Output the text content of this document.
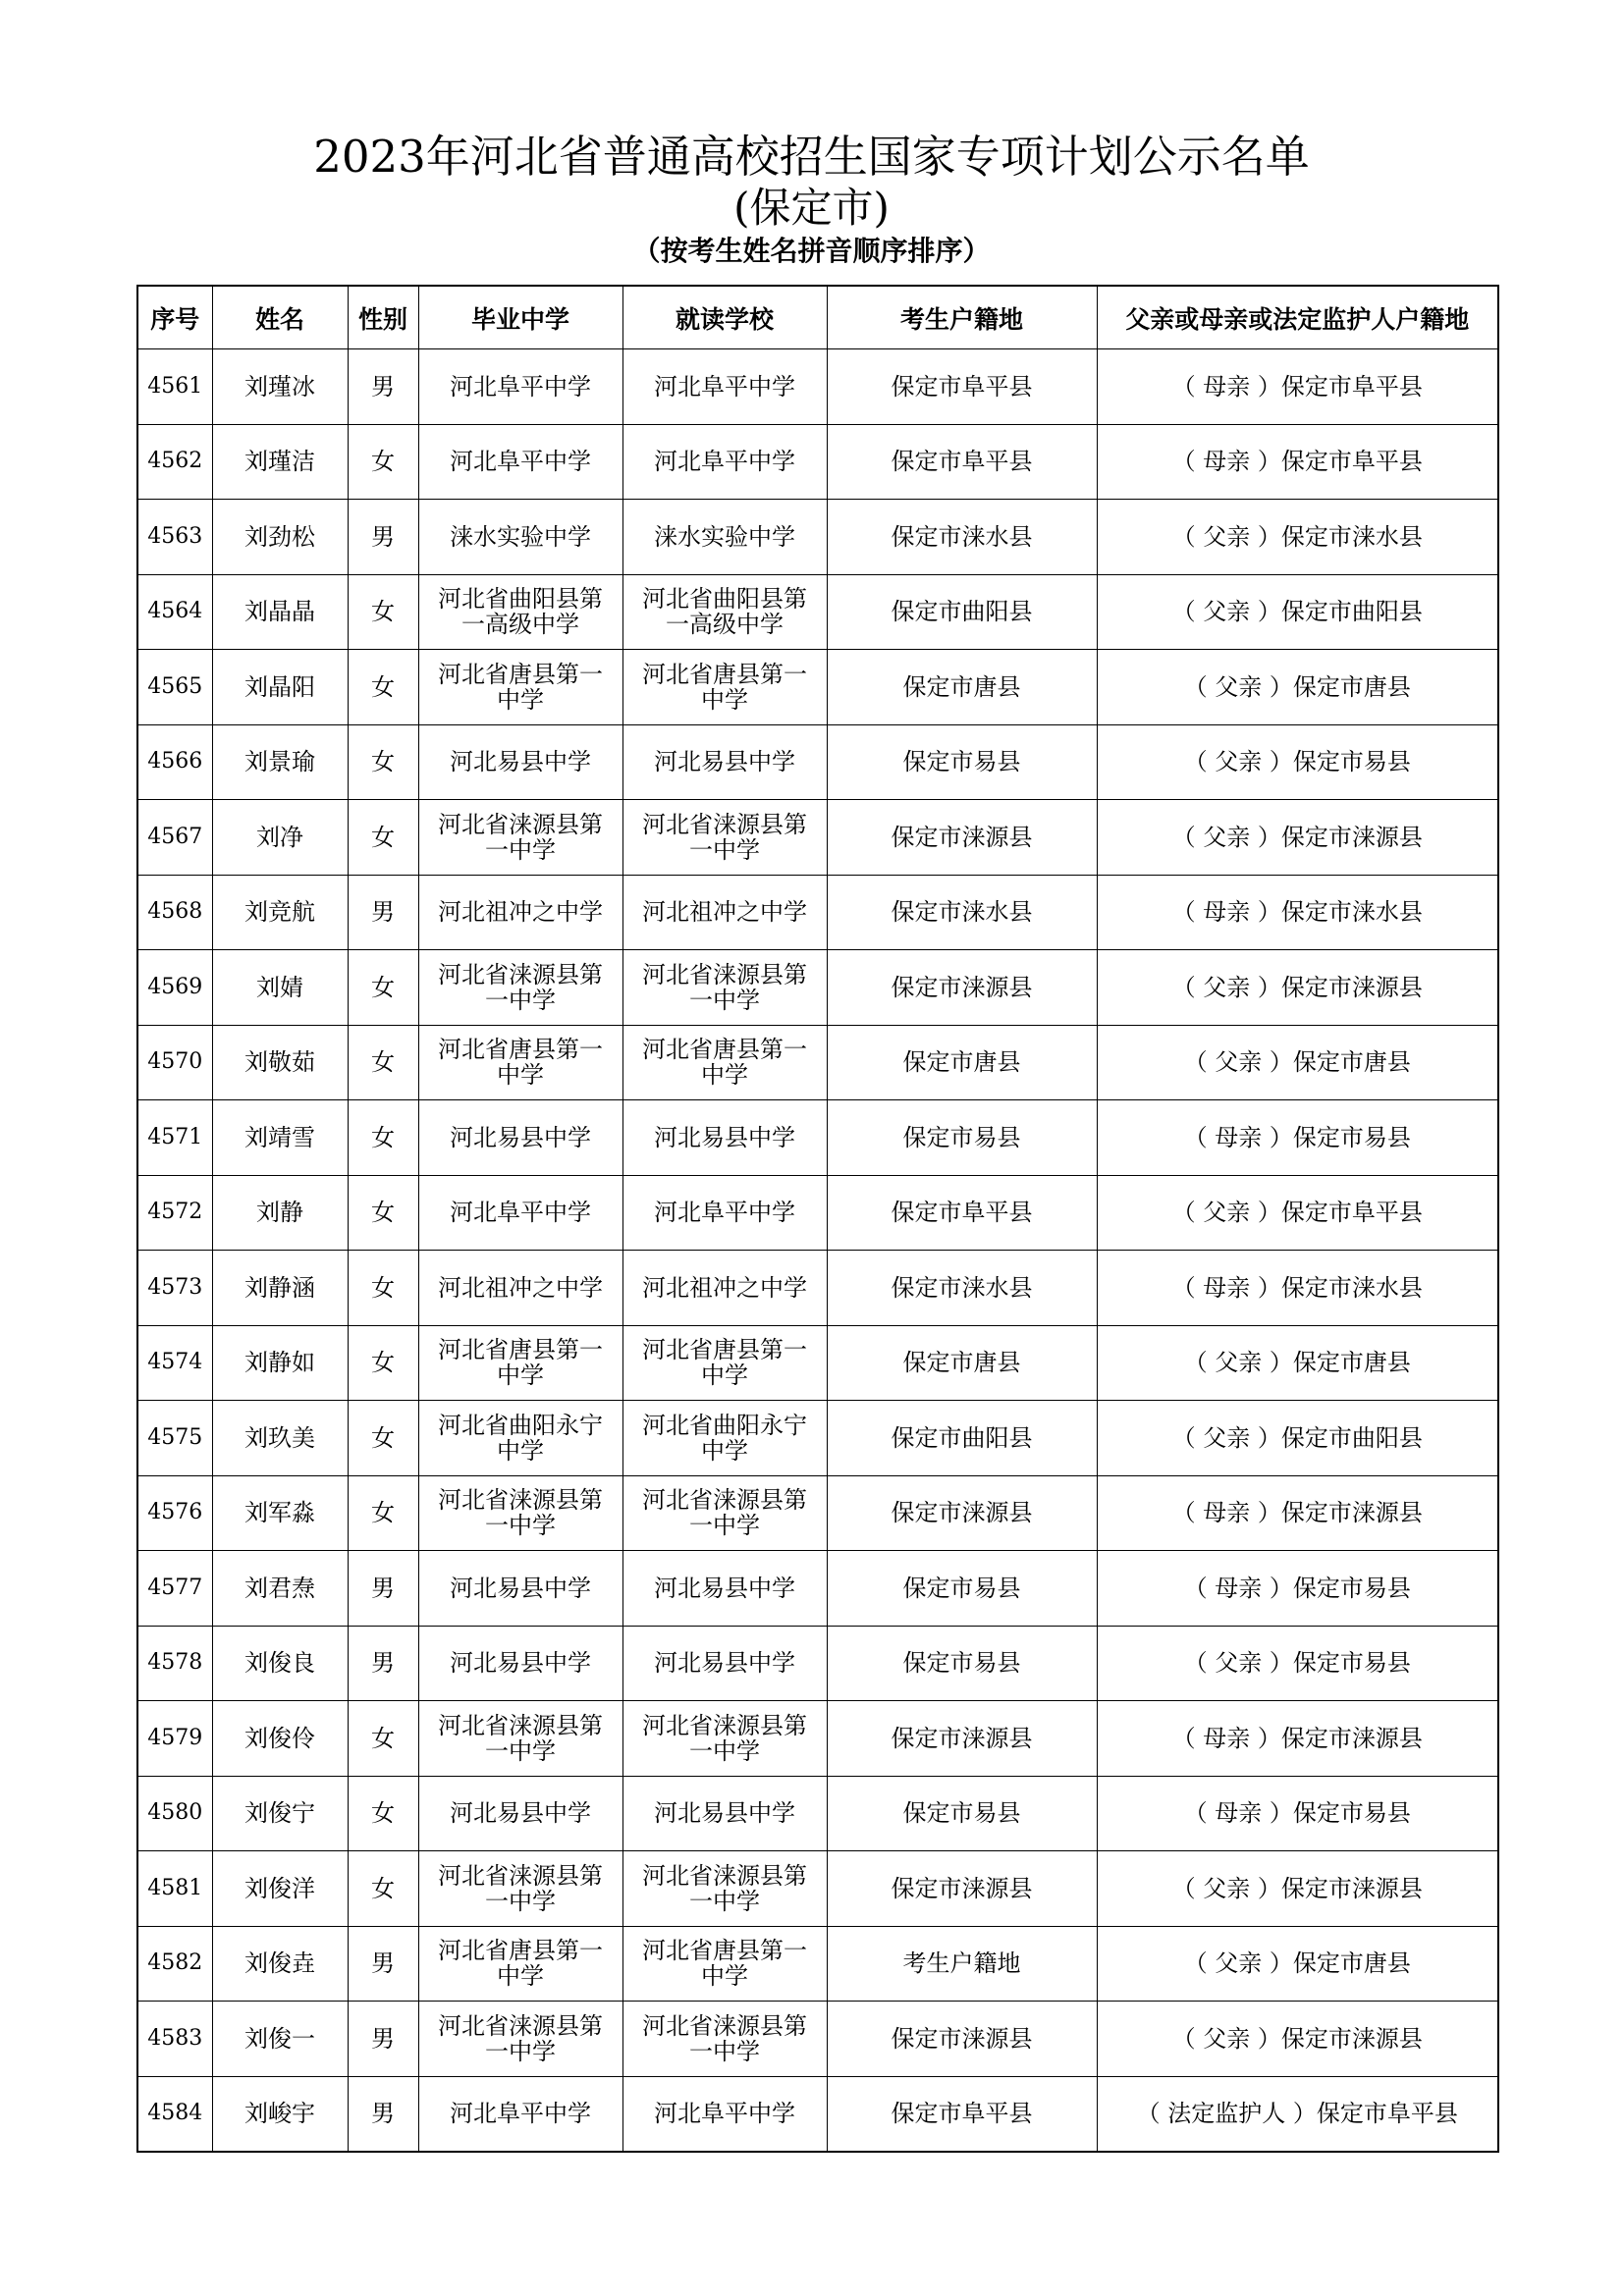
2023年河北省普通高校招生国家专项计划公示名单
(保定市)
（按考生姓名拼音顺序排序）
序号	姓名	性别	毕业中学	就读学校	考生户籍地	父亲或母亲或法定监护人户籍地
4561	刘瑾冰	男	河北阜平中学	河北阜平中学	保定市阜平县	（ 母亲 ）保定市阜平县
4562	刘瑾洁	女	河北阜平中学	河北阜平中学	保定市阜平县	（ 母亲 ）保定市阜平县
4563	刘劲松	男	涞水实验中学	涞水实验中学	保定市涞水县	（ 父亲 ）保定市涞水县
4564	刘晶晶	女	河北省曲阳县第一高级中学	河北省曲阳县第一高级中学	保定市曲阳县	（ 父亲 ）保定市曲阳县
4565	刘晶阳	女	河北省唐县第一中学	河北省唐县第一中学	保定市唐县	（ 父亲 ）保定市唐县
4566	刘景瑜	女	河北易县中学	河北易县中学	保定市易县	（ 父亲 ）保定市易县
4567	刘净	女	河北省涞源县第一中学	河北省涞源县第一中学	保定市涞源县	（ 父亲 ）保定市涞源县
4568	刘竞航	男	河北祖冲之中学	河北祖冲之中学	保定市涞水县	（ 母亲 ）保定市涞水县
4569	刘婧	女	河北省涞源县第一中学	河北省涞源县第一中学	保定市涞源县	（ 父亲 ）保定市涞源县
4570	刘敬茹	女	河北省唐县第一中学	河北省唐县第一中学	保定市唐县	（ 父亲 ）保定市唐县
4571	刘靖雪	女	河北易县中学	河北易县中学	保定市易县	（ 母亲 ）保定市易县
4572	刘静	女	河北阜平中学	河北阜平中学	保定市阜平县	（ 父亲 ）保定市阜平县
4573	刘静涵	女	河北祖冲之中学	河北祖冲之中学	保定市涞水县	（ 母亲 ）保定市涞水县
4574	刘静如	女	河北省唐县第一中学	河北省唐县第一中学	保定市唐县	（ 父亲 ）保定市唐县
4575	刘玖美	女	河北省曲阳永宁中学	河北省曲阳永宁中学	保定市曲阳县	（ 父亲 ）保定市曲阳县
4576	刘军淼	女	河北省涞源县第一中学	河北省涞源县第一中学	保定市涞源县	（ 母亲 ）保定市涞源县
4577	刘君焘	男	河北易县中学	河北易县中学	保定市易县	（ 母亲 ）保定市易县
4578	刘俊良	男	河北易县中学	河北易县中学	保定市易县	（ 父亲 ）保定市易县
4579	刘俊伶	女	河北省涞源县第一中学	河北省涞源县第一中学	保定市涞源县	（ 母亲 ）保定市涞源县
4580	刘俊宁	女	河北易县中学	河北易县中学	保定市易县	（ 母亲 ）保定市易县
4581	刘俊洋	女	河北省涞源县第一中学	河北省涞源县第一中学	保定市涞源县	（ 父亲 ）保定市涞源县
4582	刘俊垚	男	河北省唐县第一中学	河北省唐县第一中学	考生户籍地	（ 父亲 ）保定市唐县
4583	刘俊一	男	河北省涞源县第一中学	河北省涞源县第一中学	保定市涞源县	（ 父亲 ）保定市涞源县
4584	刘峻宇	男	河北阜平中学	河北阜平中学	保定市阜平县	（ 法定监护人 ）保定市阜平县
